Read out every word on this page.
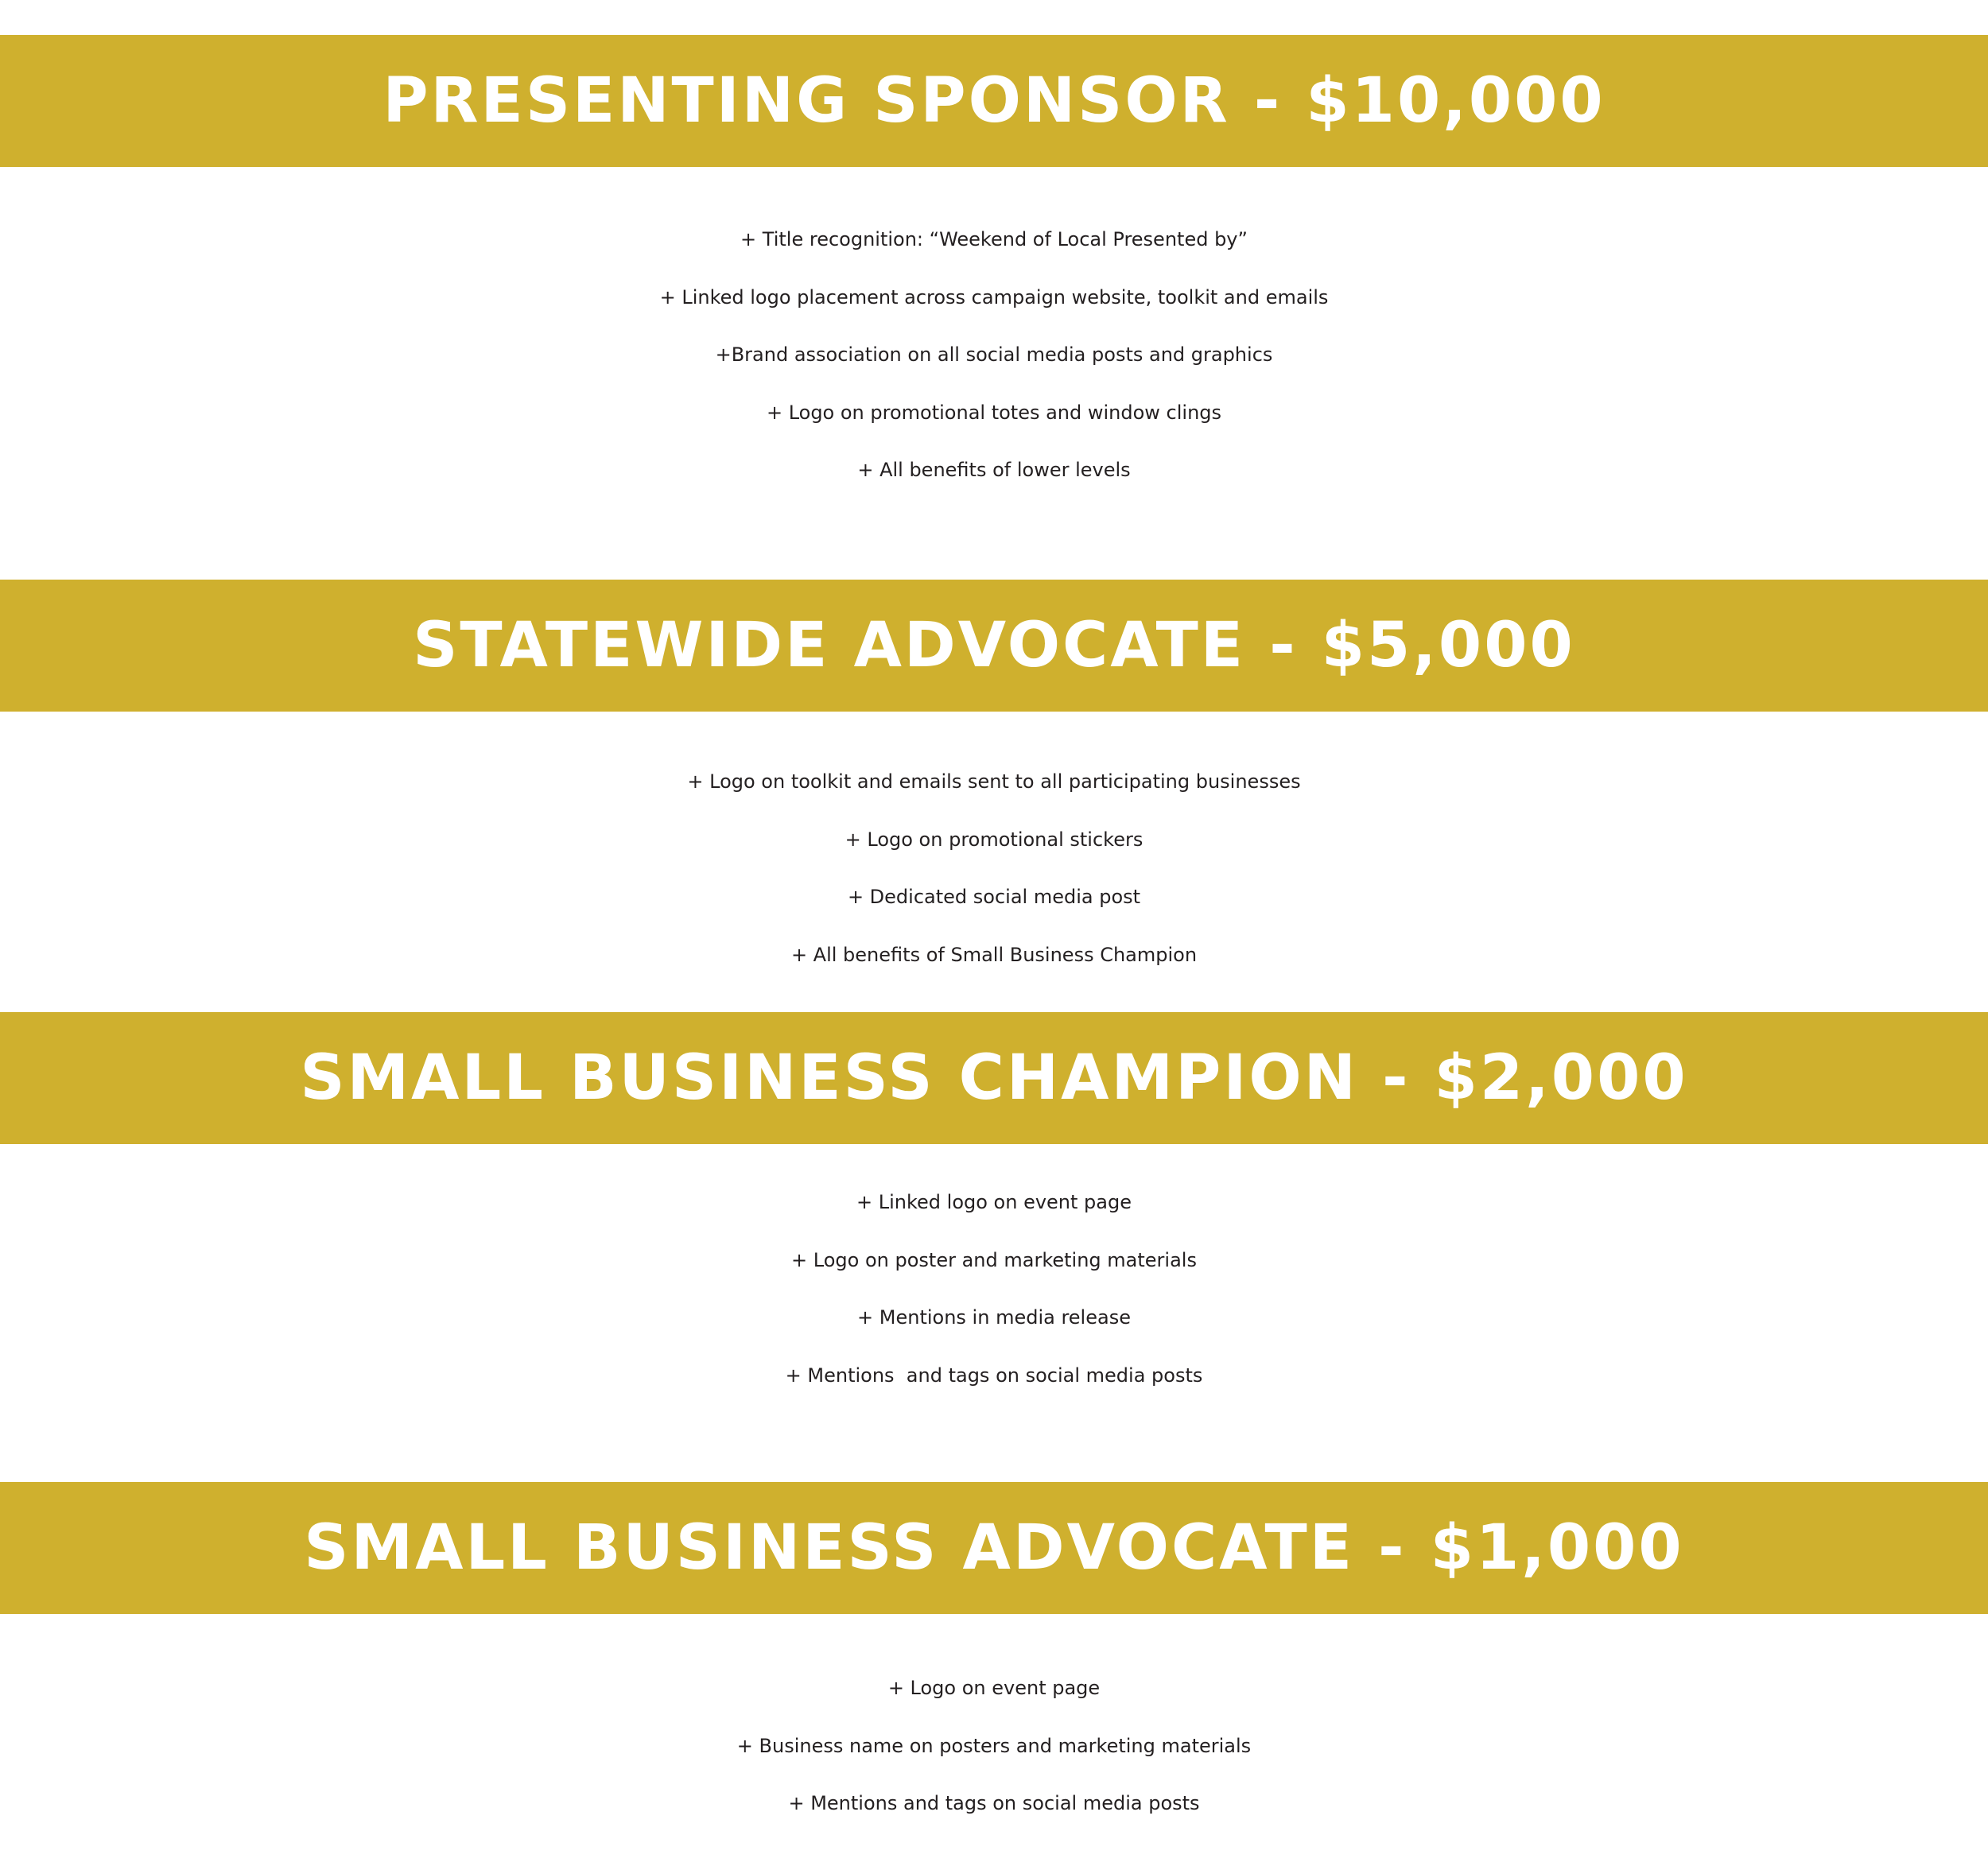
PRESENTING SPONSOR - $10,000
+ Title recognition: “Weekend of Local Presented by”
+ Linked logo placement across campaign website, toolkit and emails
+Brand association on all social media posts and graphics
+ Logo on promotional totes and window clings
+ All benefits of lower levels
STATEWIDE ADVOCATE - $5,000
+ Logo on toolkit and emails sent to all participating businesses
+ Logo on promotional stickers
+ Dedicated social media post
+ All benefits of Small Business Champion
SMALL BUSINESS CHAMPION - $2,000
+ Linked logo on event page
+ Logo on poster and marketing materials
+ Mentions in media release
+ Mentions  and tags on social media posts
SMALL BUSINESS ADVOCATE - $1,000
+ Logo on event page
+ Business name on posters and marketing materials
+ Mentions and tags on social media posts
